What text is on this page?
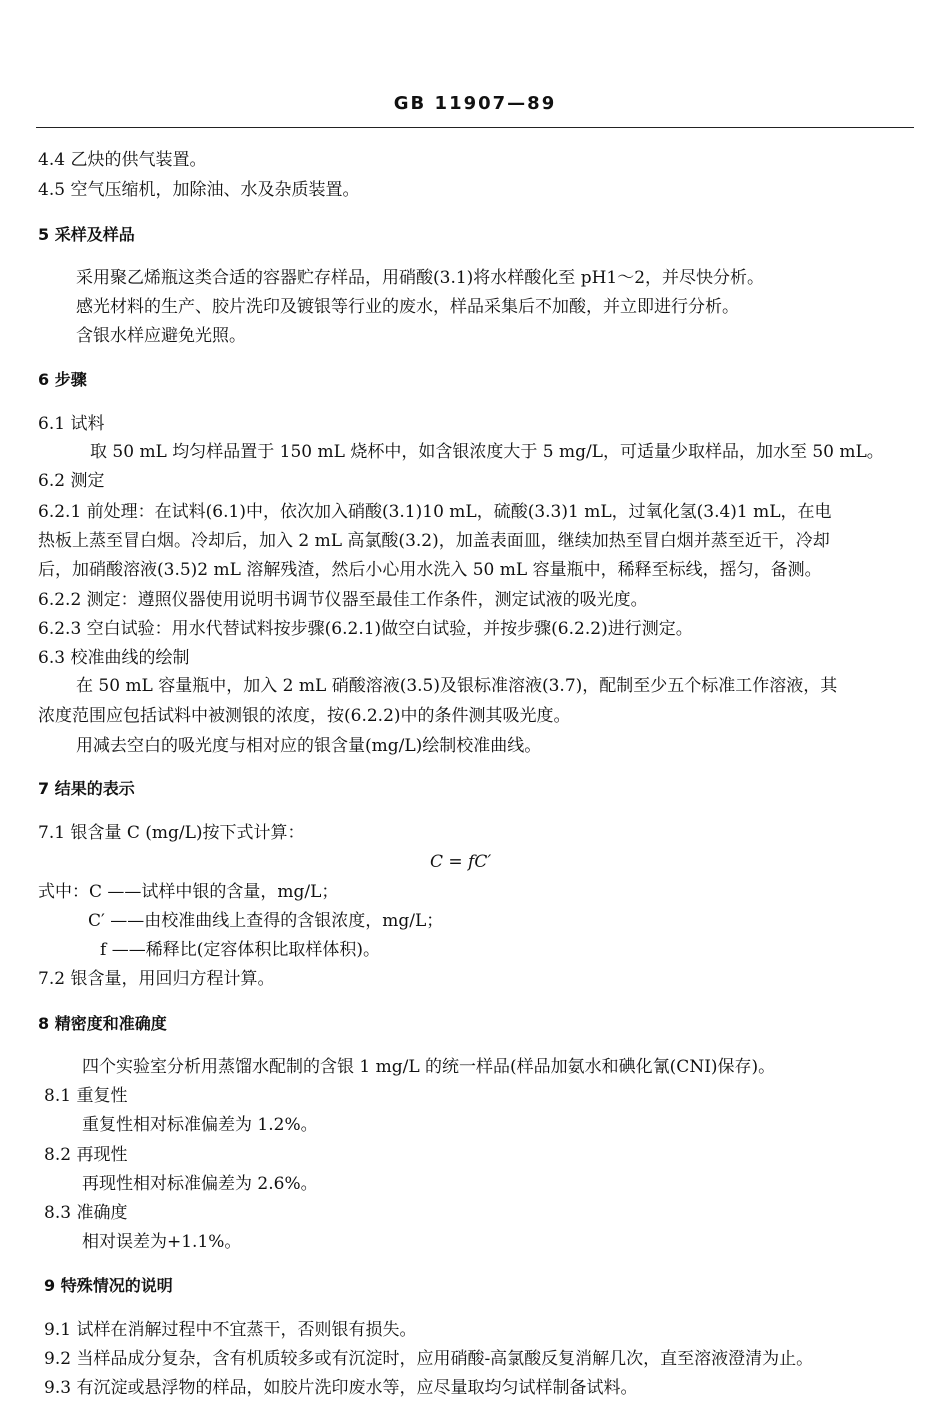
GB 11907—89
4.4 乙炔的供气装置。
4.5 空气压缩机，加除油、水及杂质装置。
5 采样及样品
采用聚乙烯瓶这类合适的容器贮存样品，用硝酸(3.1)将水样酸化至 pH1～2，并尽快分析。
感光材料的生产、胶片洗印及镀银等行业的废水，样品采集后不加酸，并立即进行分析。
含银水样应避免光照。
6 步骤
6.1 试料
取 50 mL 均匀样品置于 150 mL 烧杯中，如含银浓度大于 5 mg/L，可适量少取样品，加水至 50 mL。
6.2 测定
6.2.1 前处理：在试料(6.1)中，依次加入硝酸(3.1)10 mL，硫酸(3.3)1 mL，过氧化氢(3.4)1 mL，在电
热板上蒸至冒白烟。冷却后，加入 2 mL 高氯酸(3.2)，加盖表面皿，继续加热至冒白烟并蒸至近干，冷却
后，加硝酸溶液(3.5)2 mL 溶解残渣，然后小心用水洗入 50 mL 容量瓶中，稀释至标线，摇匀，备测。
6.2.2 测定：遵照仪器使用说明书调节仪器至最佳工作条件，测定试液的吸光度。
6.2.3 空白试验：用水代替试料按步骤(6.2.1)做空白试验，并按步骤(6.2.2)进行测定。
6.3 校准曲线的绘制
在 50 mL 容量瓶中，加入 2 mL 硝酸溶液(3.5)及银标准溶液(3.7)，配制至少五个标准工作溶液，其
浓度范围应包括试料中被测银的浓度，按(6.2.2)中的条件测其吸光度。
用减去空白的吸光度与相对应的银含量(mg/L)绘制校准曲线。
7 结果的表示
7.1 银含量 C (mg/L)按下式计算：
C = fC′
式中：C ——试样中银的含量，mg/L；
C′ ——由校准曲线上查得的含银浓度，mg/L；
f ——稀释比(定容体积比取样体积)。
7.2 银含量，用回归方程计算。
8 精密度和准确度
四个实验室分析用蒸馏水配制的含银 1 mg/L 的统一样品(样品加氨水和碘化氰(CNI)保存)。
8.1 重复性
重复性相对标准偏差为 1.2%。
8.2 再现性
再现性相对标准偏差为 2.6%。
8.3 准确度
相对误差为+1.1%。
9 特殊情况的说明
9.1 试样在消解过程中不宜蒸干，否则银有损失。
9.2 当样品成分复杂，含有机质较多或有沉淀时，应用硝酸-高氯酸反复消解几次，直至溶液澄清为止。
9.3 有沉淀或悬浮物的样品，如胶片洗印废水等，应尽量取均匀试样制备试料。
